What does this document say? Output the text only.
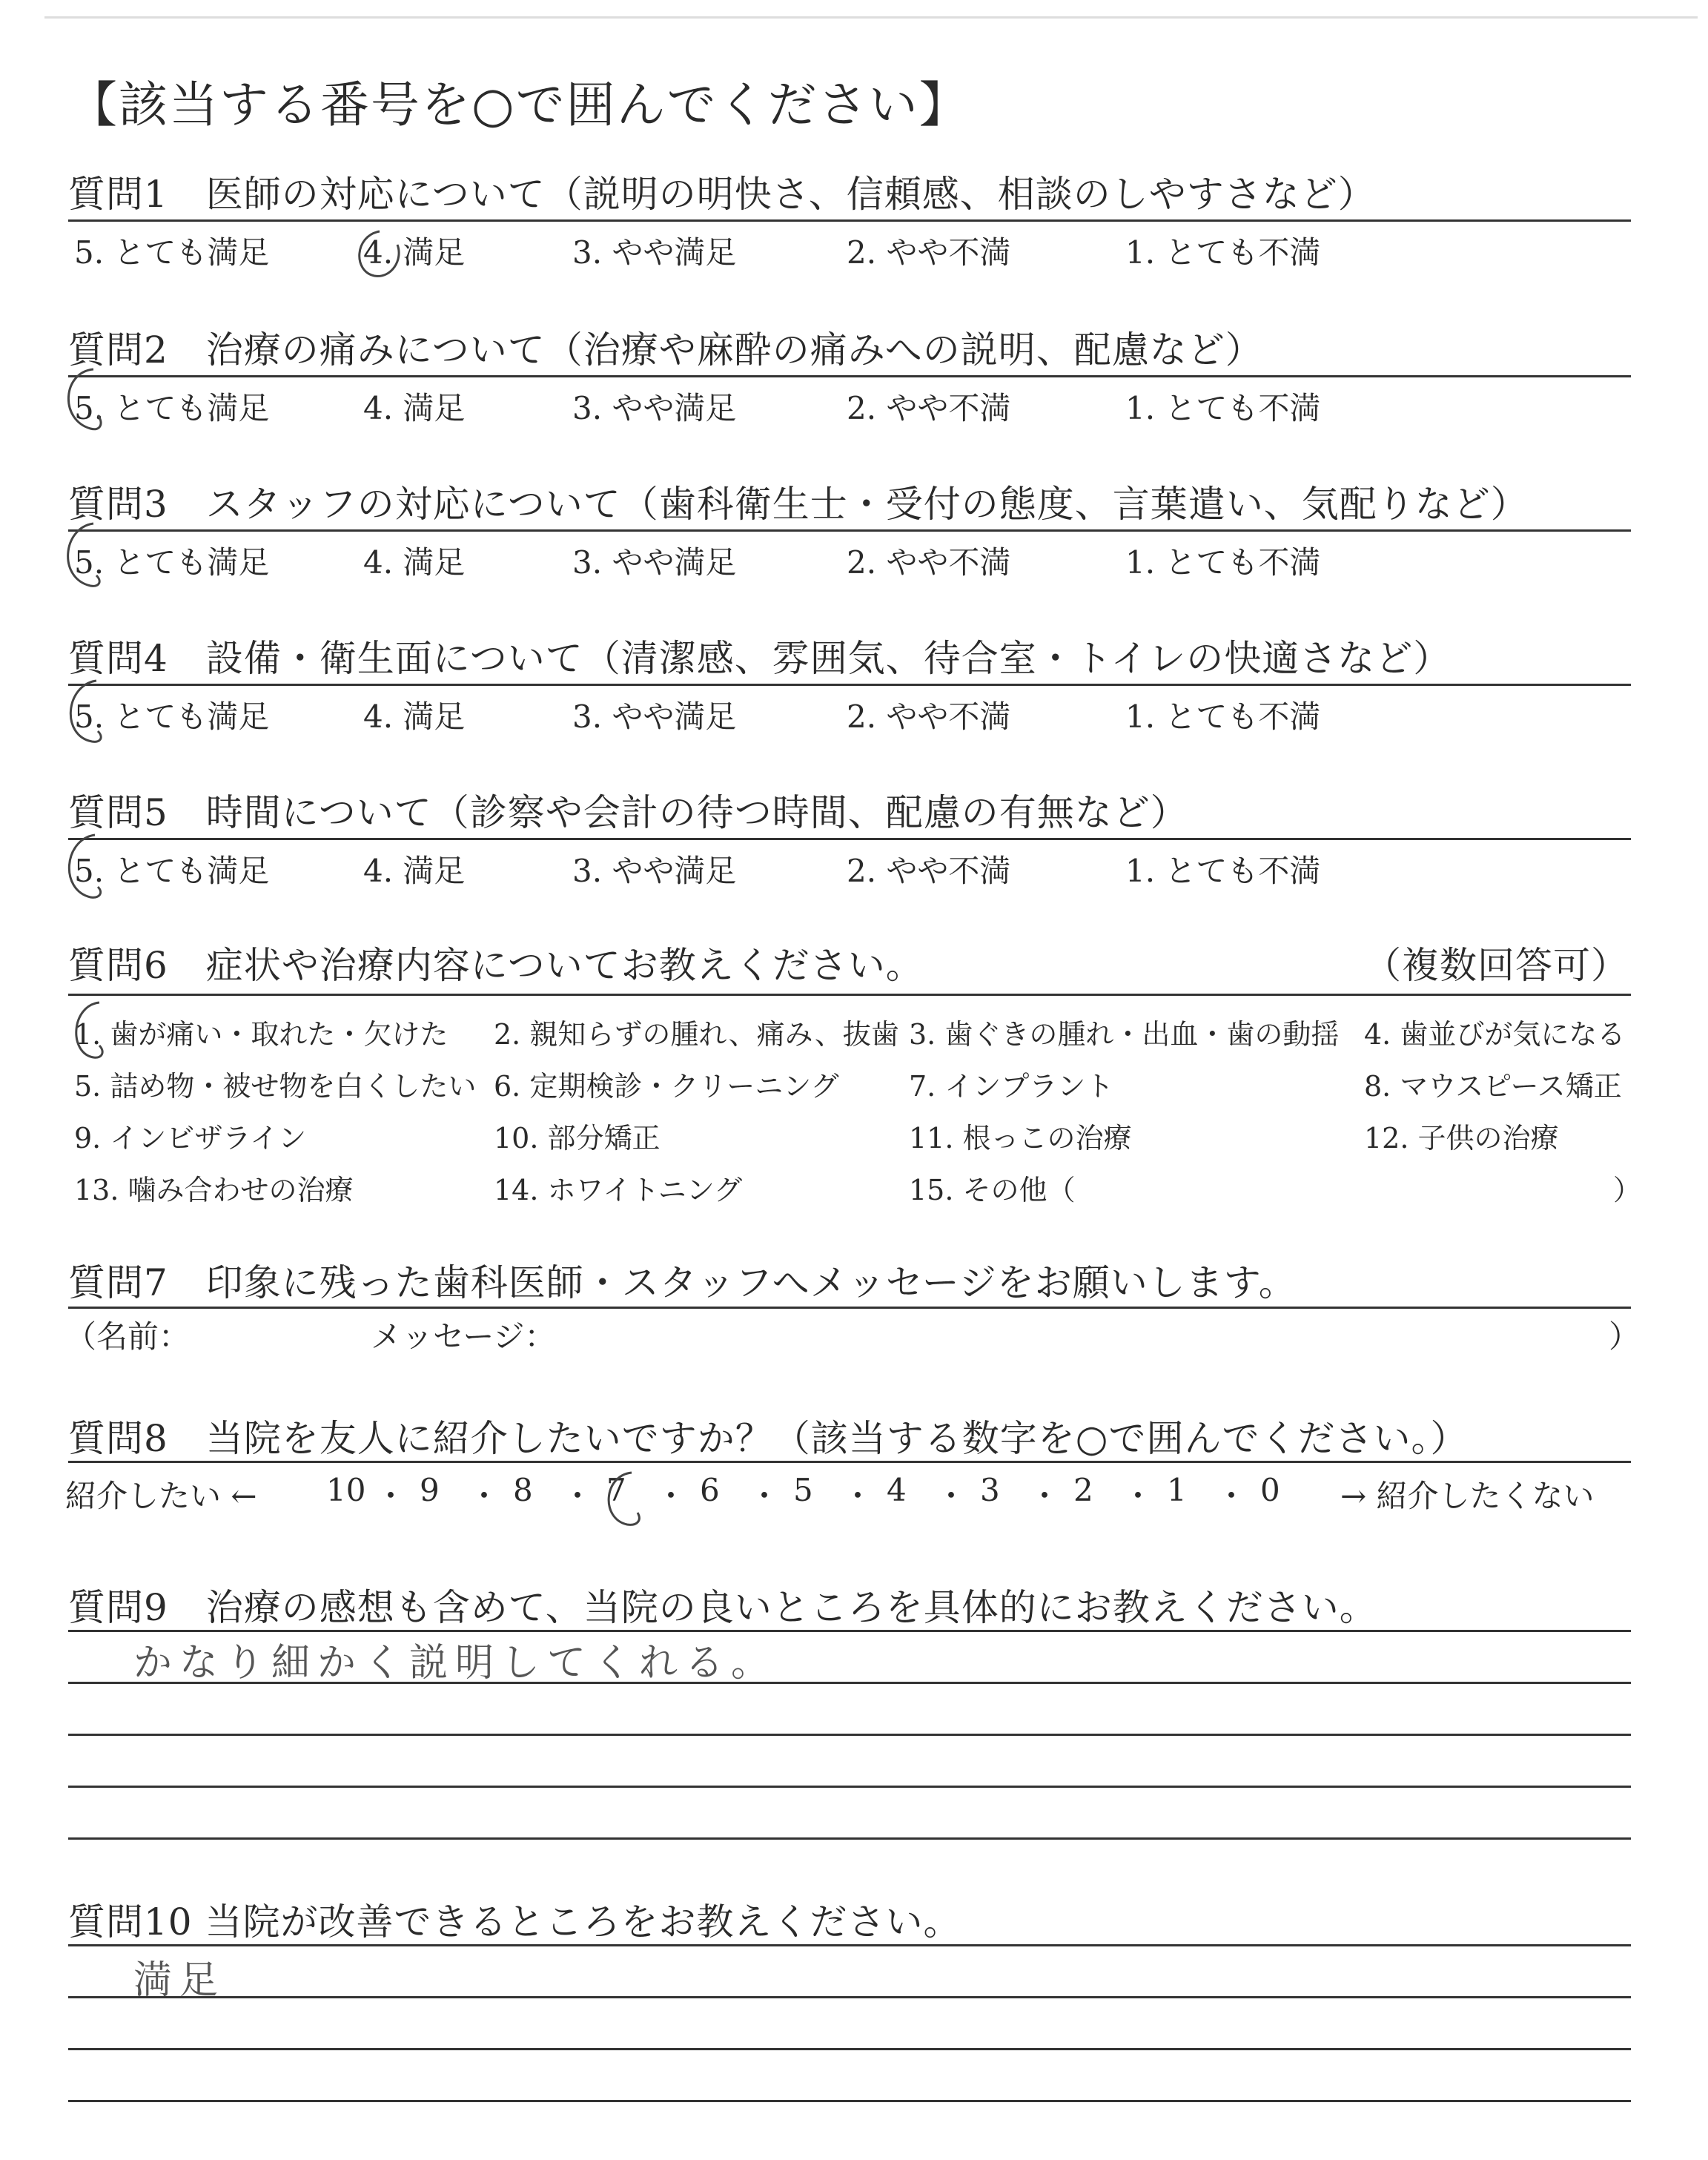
【該当する番号を○で囲んでください】
質問1　医師の対応について（説明の明快さ、信頼感、相談のしやすさなど）
5. とても満足	4. 満足	3. やや満足	2. やや不満	1. とても不満
質問2　治療の痛みについて（治療や麻酔の痛みへの説明、配慮など）
5. とても満足	4. 満足	3. やや満足	2. やや不満	1. とても不満
質問3　スタッフの対応について（歯科衛生士・受付の態度、言葉遣い、気配りなど）
5. とても満足	4. 満足	3. やや満足	2. やや不満	1. とても不満
質問4　設備・衛生面について（清潔感、雰囲気、待合室・トイレの快適さなど）
5. とても満足	4. 満足	3. やや満足	2. やや不満	1. とても不満
質問5　時間について（診察や会計の待つ時間、配慮の有無など）
5. とても満足	4. 満足	3. やや満足	2. やや不満	1. とても不満
質問6　症状や治療内容についてお教えください。	（複数回答可）
1. 歯が痛い・取れた・欠けた 2. 親知らずの腫れ、痛み、抜歯 3. 歯ぐきの腫れ・出血・歯の動揺 4. 歯並びが気になる
5. 詰め物・被せ物を白くしたい 6. 定期検診・クリーニング 7. インプラント	8. マウスピース矯正
9. インビザライン	10. 部分矯正	11. 根っこの治療	12. 子供の治療
13. 噛み合わせの治療	14. ホワイトニング	15. その他（	）
質問7　印象に残った歯科医師・スタッフへメッセージをお願いします。
（名前：	メッセージ：	）
質問8　当院を友人に紹介したいですか？（該当する数字を○で囲んでください。）
紹介したい ←	→ 紹介したくない
10 ・ 9 ・ 8 ・ 7 ・ 6 ・ 5 ・ 4 ・ 3 ・ 2 ・ 1 ・ 0
質問9　治療の感想も含めて、当院の良いところを具体的にお教えください。
かなり細かく説明してくれる。
質問10 当院が改善できるところをお教えください。
満足
